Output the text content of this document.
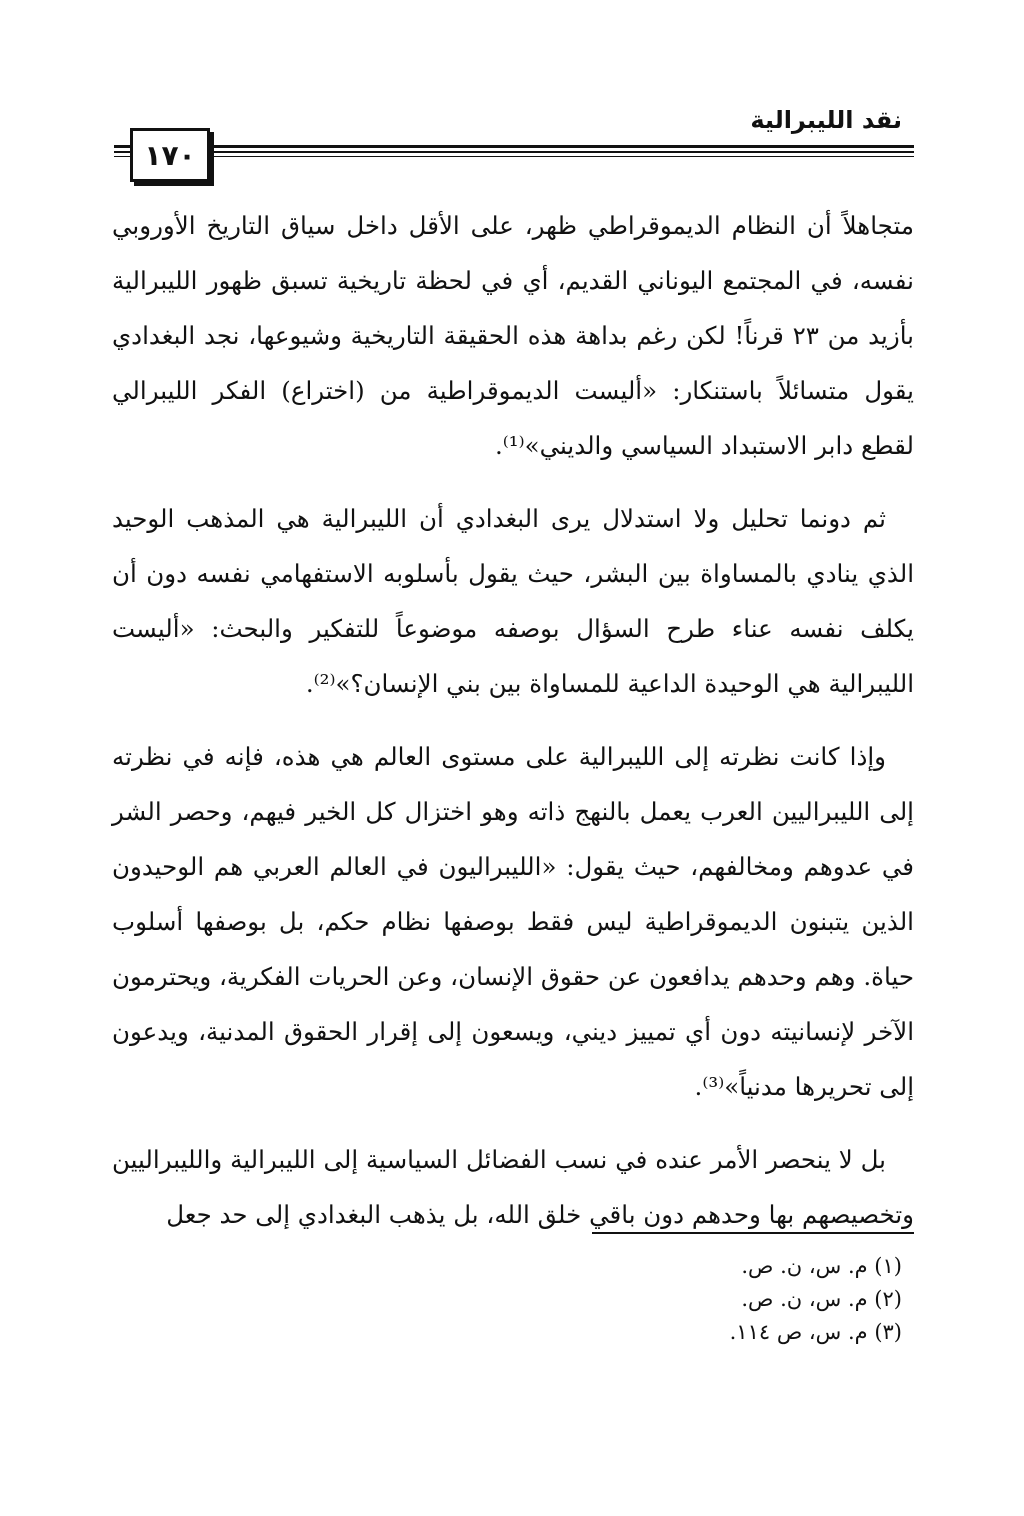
نقد الليبرالية
١٧٠

متجاهلاً أن النظام الديموقراطي ظهر، على الأقل داخل سياق التاريخ الأوروبي نفسه، في المجتمع اليوناني القديم، أي في لحظة تاريخية تسبق ظهور الليبرالية بأزيد من ٢٣ قرناً! لكن رغم بداهة هذه الحقيقة التاريخية وشيوعها، نجد البغدادي يقول متسائلاً باستنكار: «أليست الديموقراطية من (اختراع) الفكر الليبرالي لقطع دابر الاستبداد السياسي والديني»⁽¹⁾.

ثم دونما تحليل ولا استدلال يرى البغدادي أن الليبرالية هي المذهب الوحيد الذي ينادي بالمساواة بين البشر، حيث يقول بأسلوبه الاستفهامي نفسه دون أن يكلف نفسه عناء طرح السؤال بوصفه موضوعاً للتفكير والبحث: «أليست الليبرالية هي الوحيدة الداعية للمساواة بين بني الإنسان؟»⁽²⁾.

وإذا كانت نظرته إلى الليبرالية على مستوى العالم هي هذه، فإنه في نظرته إلى الليبراليين العرب يعمل بالنهج ذاته وهو اختزال كل الخير فيهم، وحصر الشر في عدوهم ومخالفهم، حيث يقول: «الليبراليون في العالم العربي هم الوحيدون الذين يتبنون الديموقراطية ليس فقط بوصفها نظام حكم، بل بوصفها أسلوب حياة. وهم وحدهم يدافعون عن حقوق الإنسان، وعن الحريات الفكرية، ويحترمون الآخر لإنسانيته دون أي تمييز ديني، ويسعون إلى إقرار الحقوق المدنية، ويدعون إلى تحريرها مدنياً»⁽³⁾.

بل لا ينحصر الأمر عنده في نسب الفضائل السياسية إلى الليبرالية والليبراليين وتخصيصهم بها وحدهم دون باقي خلق الله، بل يذهب البغدادي إلى حد جعل

(١) م. س، ن. ص.
(٢) م. س، ن. ص.
(٣) م. س، ص ١١٤.
